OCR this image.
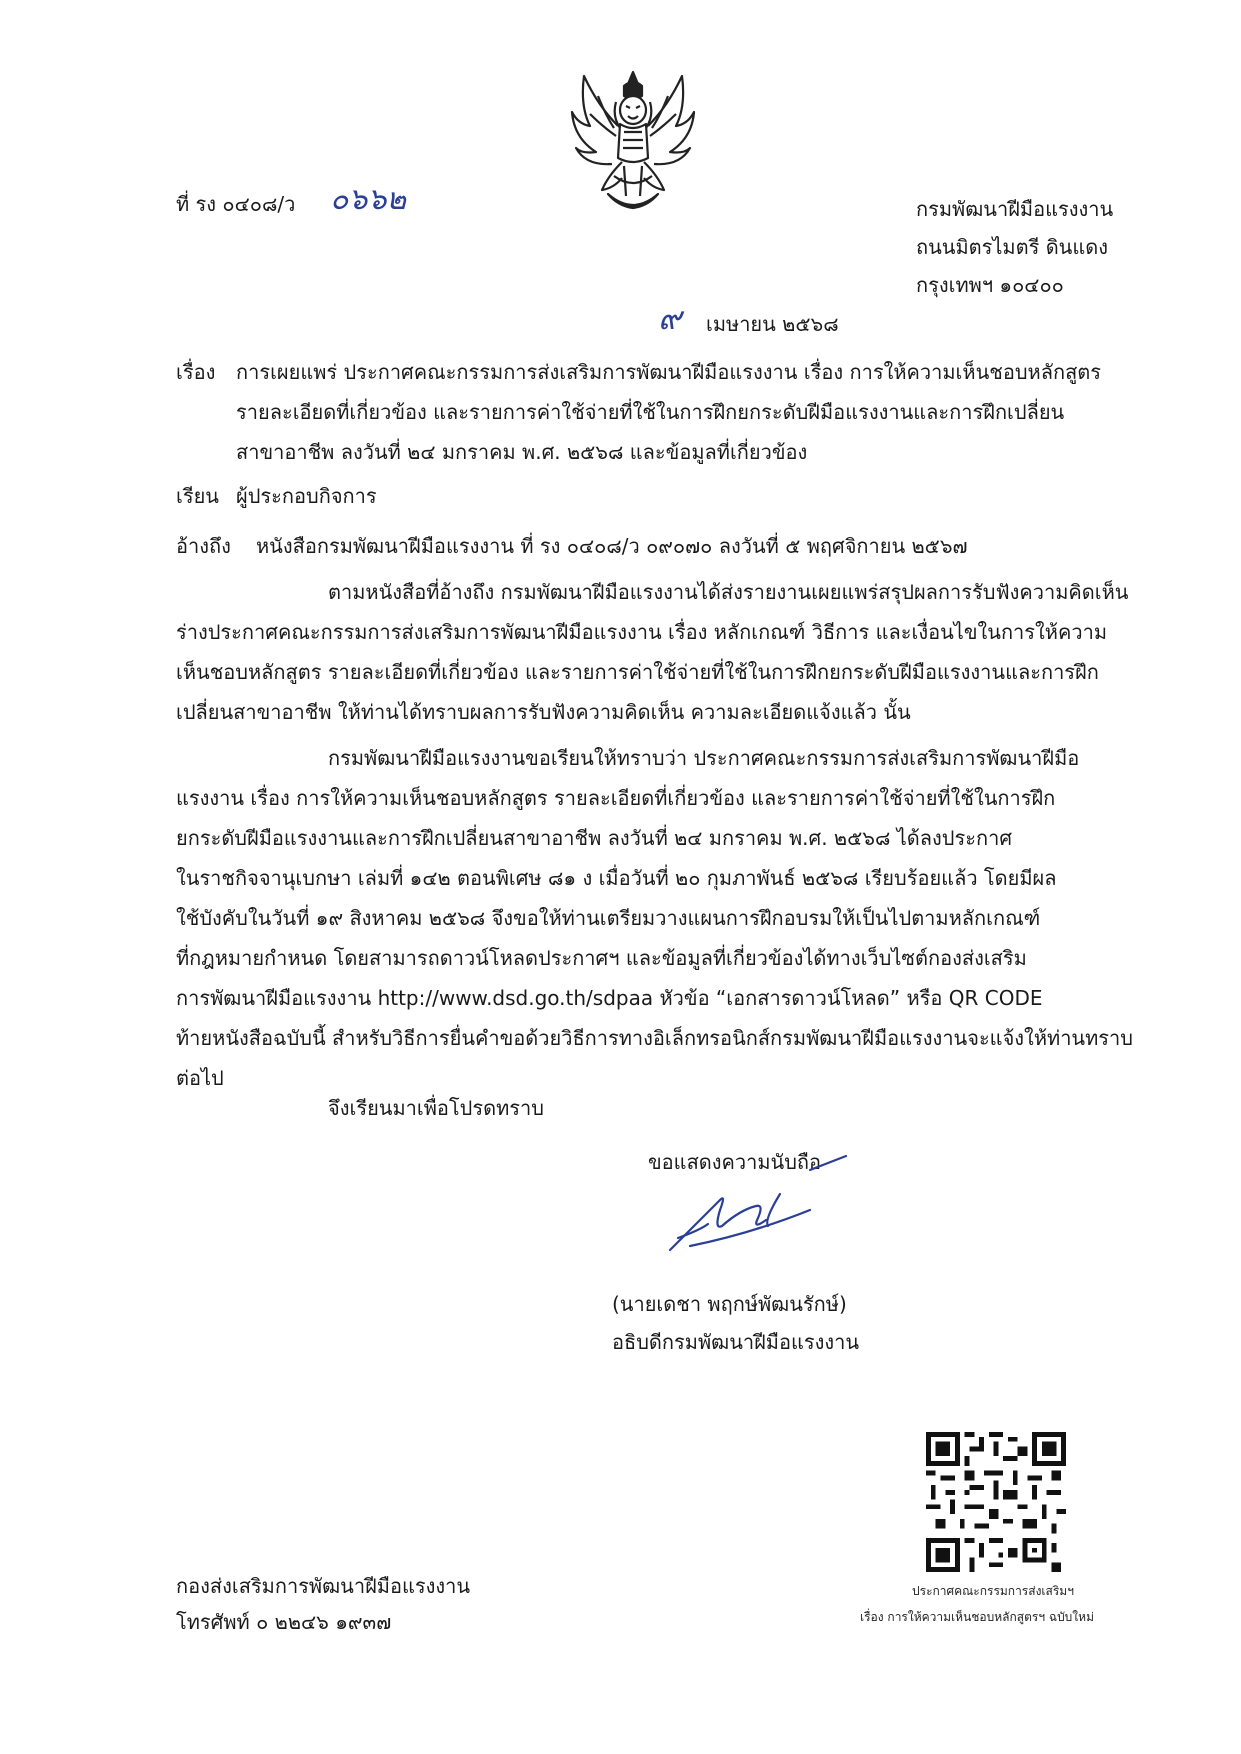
ที่ รง ๐๔๐๘/ว ๐๖๖๒	กรมพัฒนาฝีมือแรงงาน
ถนนมิตรไมตรี ดินแดง
กรุงเทพฯ ๑๐๔๐๐
๙ เมษายน ๒๕๖๘
เรื่อง การเผยแพร่ ประกาศคณะกรรมการส่งเสริมการพัฒนาฝีมือแรงงาน เรื่อง การให้ความเห็นชอบหลักสูตร
รายละเอียดที่เกี่ยวข้อง และรายการค่าใช้จ่ายที่ใช้ในการฝึกยกระดับฝีมือแรงงานและการฝึกเปลี่ยน
สาขาอาชีพ ลงวันที่ ๒๔ มกราคม พ.ศ. ๒๕๖๘ และข้อมูลที่เกี่ยวข้อง
เรียน ผู้ประกอบกิจการ
อ้างถึง หนังสือกรมพัฒนาฝีมือแรงงาน ที่ รง ๐๔๐๘/ว ๐๙๐๗๐ ลงวันที่ ๕ พฤศจิกายน ๒๕๖๗
ตามหนังสือที่อ้างถึง กรมพัฒนาฝีมือแรงงานได้ส่งรายงานเผยแพร่สรุปผลการรับฟังความคิดเห็น
ร่างประกาศคณะกรรมการส่งเสริมการพัฒนาฝีมือแรงงาน เรื่อง หลักเกณฑ์ วิธีการ และเงื่อนไขในการให้ความ
เห็นชอบหลักสูตร รายละเอียดที่เกี่ยวข้อง และรายการค่าใช้จ่ายที่ใช้ในการฝึกยกระดับฝีมือแรงงานและการฝึก
เปลี่ยนสาขาอาชีพ ให้ท่านได้ทราบผลการรับฟังความคิดเห็น ความละเอียดแจ้งแล้ว นั้น
กรมพัฒนาฝีมือแรงงานขอเรียนให้ทราบว่า ประกาศคณะกรรมการส่งเสริมการพัฒนาฝีมือ
แรงงาน เรื่อง การให้ความเห็นชอบหลักสูตร รายละเอียดที่เกี่ยวข้อง และรายการค่าใช้จ่ายที่ใช้ในการฝึก
ยกระดับฝีมือแรงงานและการฝึกเปลี่ยนสาขาอาชีพ ลงวันที่ ๒๔ มกราคม พ.ศ. ๒๕๖๘ ได้ลงประกาศ
ในราชกิจจานุเบกษา เล่มที่ ๑๔๒ ตอนพิเศษ ๘๑ ง เมื่อวันที่ ๒๐ กุมภาพันธ์ ๒๕๖๘ เรียบร้อยแล้ว โดยมีผล
ใช้บังคับในวันที่ ๑๙ สิงหาคม ๒๕๖๘ จึงขอให้ท่านเตรียมวางแผนการฝึกอบรมให้เป็นไปตามหลักเกณฑ์
ที่กฎหมายกำหนด โดยสามารถดาวน์โหลดประกาศฯ และข้อมูลที่เกี่ยวข้องได้ทางเว็บไซต์กองส่งเสริม
การพัฒนาฝีมือแรงงาน http://www.dsd.go.th/sdpaa หัวข้อ “เอกสารดาวน์โหลด” หรือ QR CODE
ท้ายหนังสือฉบับนี้ สำหรับวิธีการยื่นคำขอด้วยวิธีการทางอิเล็กทรอนิกส์กรมพัฒนาฝีมือแรงงานจะแจ้งให้ท่านทราบ
ต่อไป
จึงเรียนมาเพื่อโปรดทราบ
ขอแสดงความนับถือ
(นายเดชา พฤกษ์พัฒนรักษ์)
อธิบดีกรมพัฒนาฝีมือแรงงาน
ประกาศคณะกรรมการส่งเสริมฯ
เรื่อง การให้ความเห็นชอบหลักสูตรฯ ฉบับใหม่
กองส่งเสริมการพัฒนาฝีมือแรงงาน
โทรศัพท์ ๐ ๒๒๔๖ ๑๙๓๗
